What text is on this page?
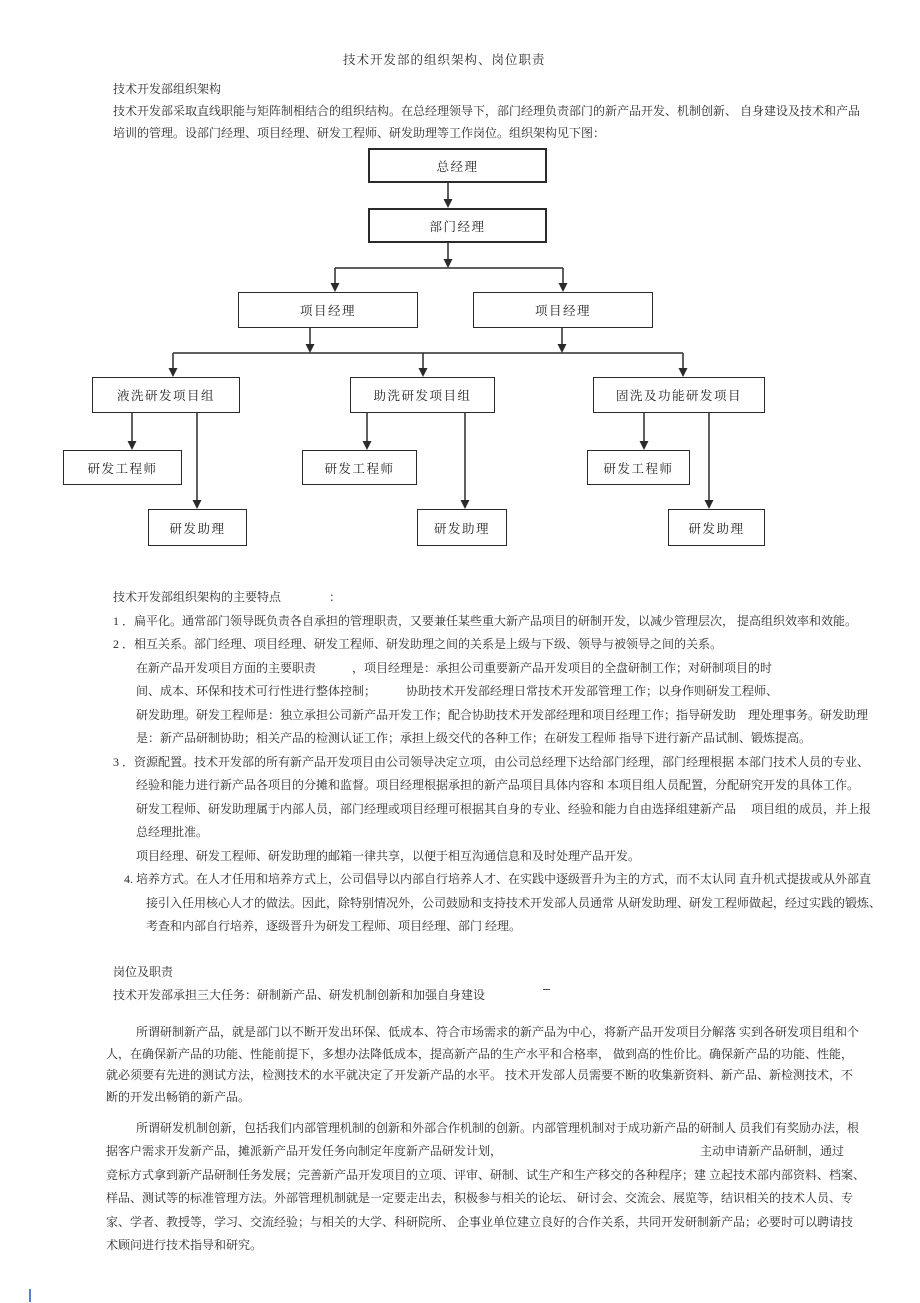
技术开发部的组织架构、岗位职责
技术开发部组织架构
技术开发部采取直线职能与矩阵制相结合的组织结构。在总经理领导下，部门经理负责部门的新产品开发、机制创新、 自身建设及技术和产品
培训的管理。设部门经理、项目经理、研发工程师、研发助理等工作岗位。组织架构见下图：
总经理
部门经理
项目经理	项目经理
液洗研发项目组	助洗研发项目组	固洗及功能研发项目
研发工程师	研发工程师	研发工程师
研发助理	研发助理	研发助理
技术开发部组织架构的主要特点　　　　：
1 ．扁平化。通常部门领导既负责各自承担的管理职责，又要兼任某些重大新产品项目的研制开发，以减少管理层次， 提高组织效率和效能。
2 ．相互关系。部门经理、项目经理、研发工程师、研发助理之间的关系是上级与下级、领导与被领导之间的关系。
在新产品开发项目方面的主要职责　　　，项目经理是：承担公司重要新产品开发项目的全盘研制工作；对研制项目的时
间、成本、环保和技术可行性进行整体控制；　　　协助技术开发部经理日常技术开发部管理工作；以身作则研发工程师、
研发助理。研发工程师是：独立承担公司新产品开发工作；配合协助技术开发部经理和项目经理工作；指导研发助　理处理事务。研发助理
是：新产品研制协助；相关产品的检测认证工作；承担上级交代的各种工作；在研发工程师 指导下进行新产品试制、锻炼提高。
3 ．资源配置。技术开发部的所有新产品开发项目由公司领导决定立项，由公司总经理下达给部门经理，部门经理根据 本部门技术人员的专业、
经验和能力进行新产品各项目的分摊和监督。项目经理根据承担的新产品项目具体内容和 本项目组人员配置，分配研究开发的具体工作。
研发工程师、研发助理属于内部人员，部门经理或项目经理可根据其自身的专业、经验和能力自由选择组建新产品　 项目组的成员，并上报
总经理批准。
项目经理、研发工程师、研发助理的邮箱一律共享，以便于相互沟通信息和及时处理产品开发。
4. 培养方式。在人才任用和培养方式上，公司倡导以内部自行培养人才、在实践中逐级晋升为主的方式，而不太认同 直升机式提拔或从外部直
接引入任用核心人才的做法。因此，除特别情况外，公司鼓励和支持技术开发部人员通常 从研发助理、研发工程师做起，经过实践的锻炼、
考查和内部自行培养，逐级晋升为研发工程师、项目经理、部门 经理。
岗位及职责
技术开发部承担三大任务：研制新产品、研发机制创新和加强自身建设
所谓研制新产品，就是部门以不断开发出环保、低成本、符合市场需求的新产品为中心，将新产品开发项目分解落 实到各研发项目组和个
人，在确保新产品的功能、性能前提下，多想办法降低成本，提高新产品的生产水平和合格率， 做到高的性价比。确保新产品的功能、性能，
就必须要有先进的测试方法，检测技术的水平就决定了开发新产品的水平。 技术开发部人员需要不断的收集新资料、新产品、新检测技术，不
断的开发出畅销的新产品。
所谓研发机制创新，包括我们内部管理机制的创新和外部合作机制的创新。内部管理机制对于成功新产品的研制人 员我们有奖励办法，根
据客户需求开发新产品，摊派新产品开发任务向制定年度新产品研发计划，　　　　　　　　　　　　　　　　　主动申请新产品研制，通过
竞标方式拿到新产品研制任务发展；完善新产品开发项目的立项、评审、研制、试生产和生产移交的各种程序；建 立起技术部内部资料、档案、
样品、测试等的标准管理方法。外部管理机制就是一定要走出去，积极参与相关的论坛、 研讨会、交流会、展览等，结识相关的技术人员、专
家、学者、教授等，学习、交流经验；与相关的大学、科研院所、 企事业单位建立良好的合作关系，共同开发研制新产品；必要时可以聘请技
术顾问进行技术指导和研究。
